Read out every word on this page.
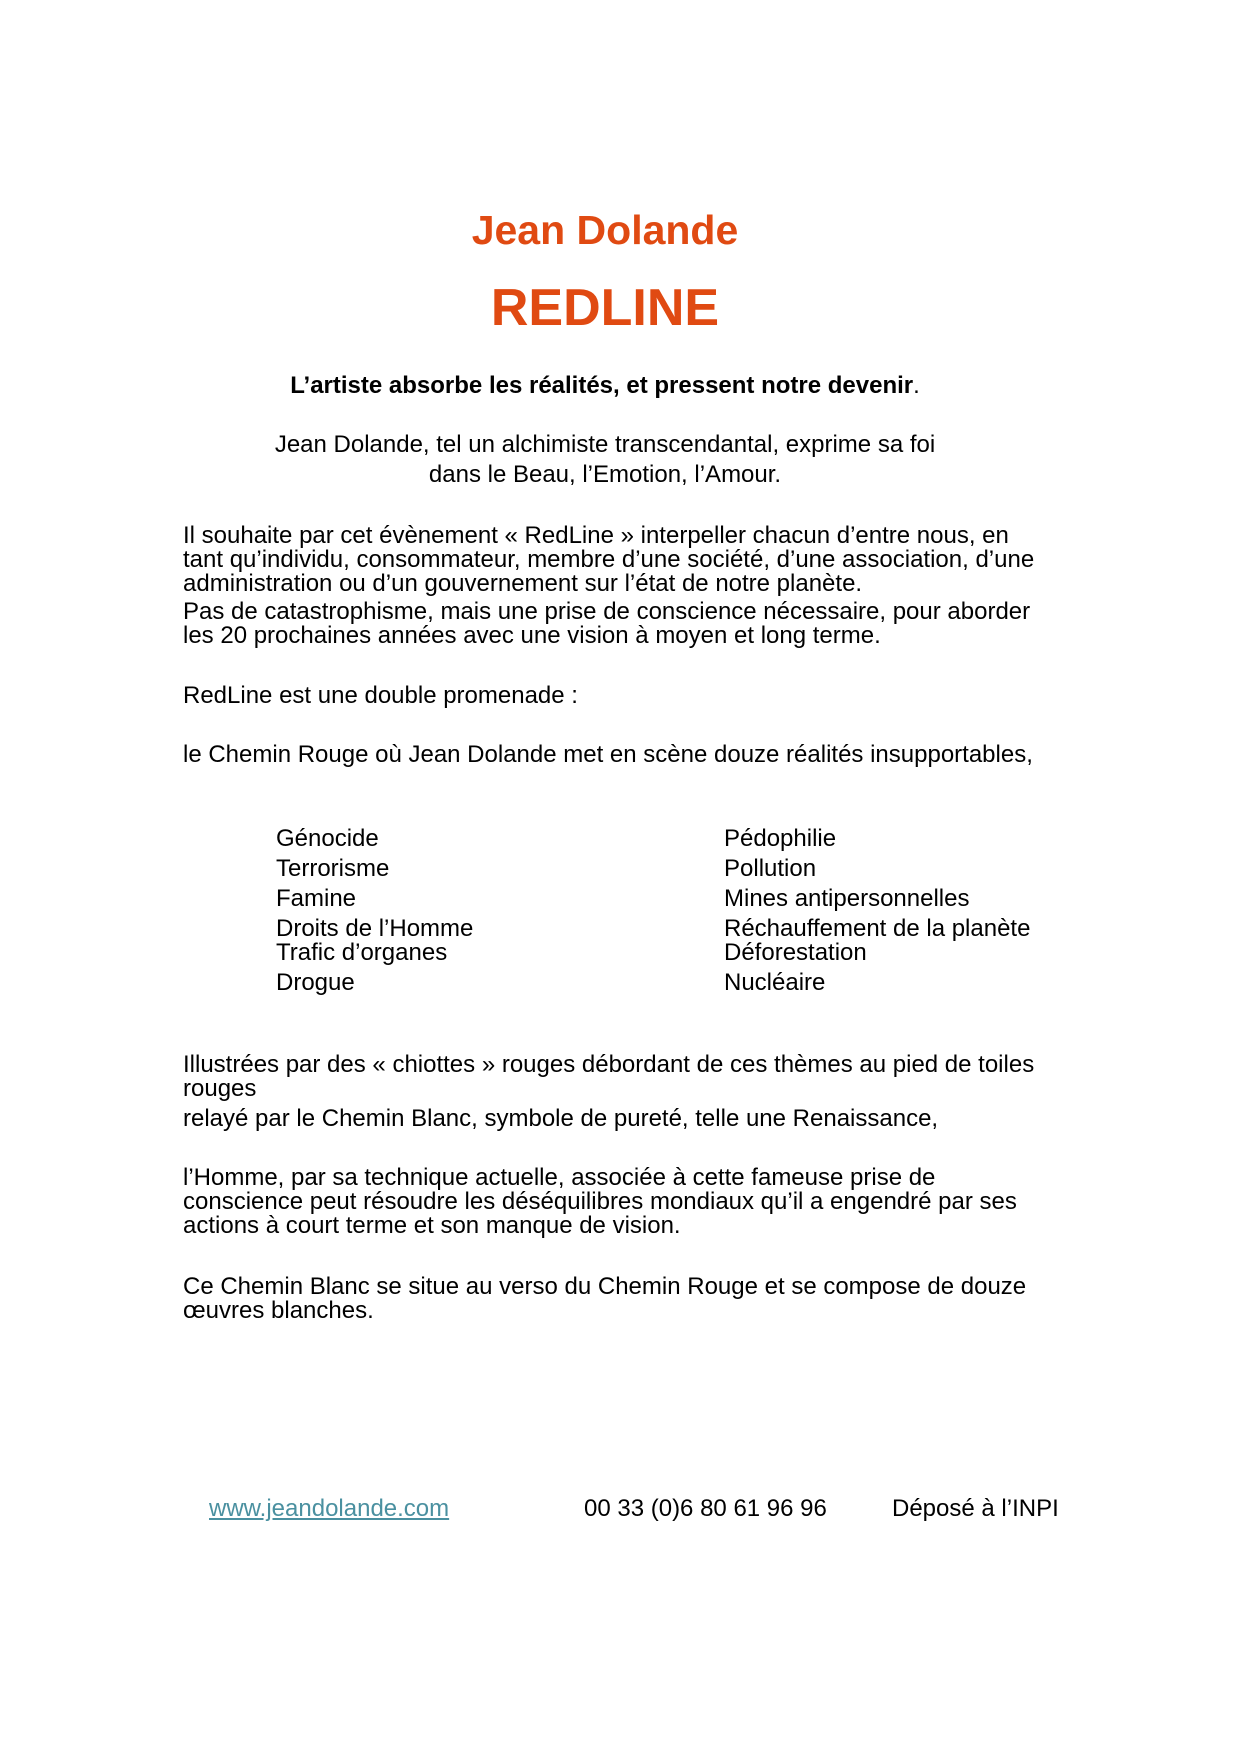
Jean Dolande
REDLINE
L’artiste absorbe les réalités, et pressent notre devenir.
Jean Dolande, tel un alchimiste transcendantal, exprime sa foi
dans le Beau, l’Emotion, l’Amour.
Il souhaite par cet évènement « RedLine » interpeller chacun d’entre nous, en
tant qu’individu, consommateur, membre d’une société, d’une association, d’une
administration ou d’un gouvernement sur l’état de notre planète.
Pas de catastrophisme, mais une prise de conscience nécessaire, pour aborder
les 20 prochaines années avec une vision à moyen et long terme.
RedLine est une double promenade :
le Chemin Rouge où Jean Dolande met en scène douze réalités insupportables,
Génocide
Terrorisme
Famine
Droits de l’Homme
Trafic d’organes
Drogue
Pédophilie
Pollution
Mines antipersonnelles
Réchauffement de la planète
Déforestation
Nucléaire
Illustrées par des « chiottes » rouges débordant de ces thèmes au pied de toiles
rouges
relayé par le Chemin Blanc, symbole de pureté, telle une Renaissance,
l’Homme, par sa technique actuelle, associée à cette fameuse prise de
conscience peut résoudre les déséquilibres mondiaux qu’il a engendré par ses
actions à court terme et son manque de vision.
Ce Chemin Blanc se situe au verso du Chemin Rouge et se compose de douze
œuvres blanches.
www.jeandolande.com	00 33 (0)6 80 61 96 96	Déposé à l’INPI
